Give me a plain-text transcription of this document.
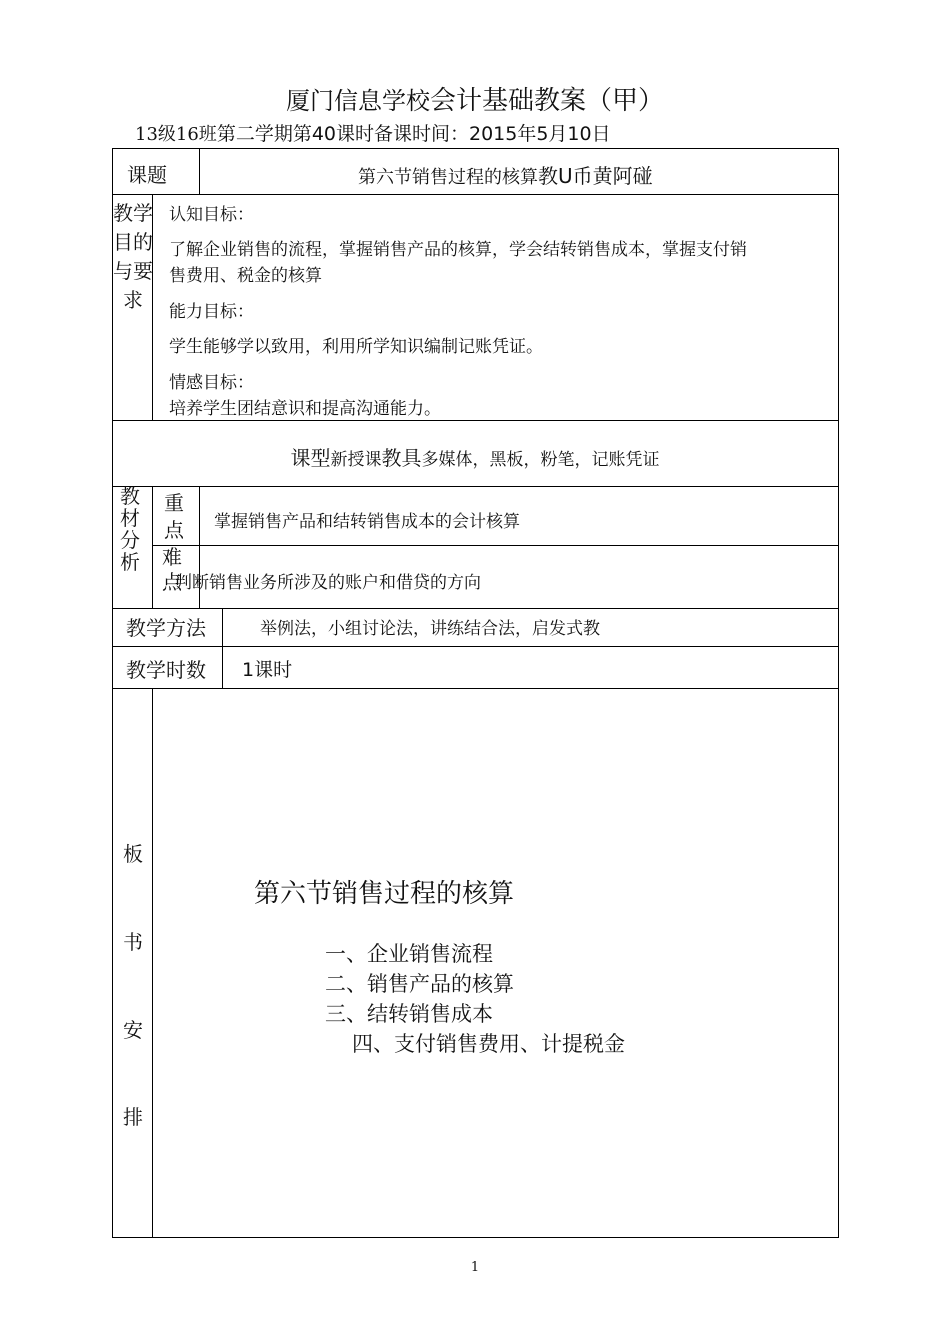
厦门信息学校会计基础教案（甲）
13级16班第二学期第40课时备课时间：2015年5月10日
课题	第六节销售过程的核算教U币黄阿碰
教学目的与要求
认知目标：
了解企业销售的流程，掌握销售产品的核算，学会结转销售成本，掌握支付销
售费用、税金的核算
能力目标：
学生能够学以致用，利用所学知识编制记账凭证。
情感目标：
培养学生团结意识和提高沟通能力。
课型新授课教具多媒体，黑板，粉笔，记账凭证
教材分析
重点 掌握销售产品和结转销售成本的会计核算
难点
判断销售业务所涉及的账户和借贷的方向
教学方法	举例法，小组讨论法，讲练结合法，启发式教
教学时数 1课时
板
书
安
排
第六节销售过程的核算
一、企业销售流程
二、销售产品的核算
三、结转销售成本
四、支付销售费用、计提税金
1
